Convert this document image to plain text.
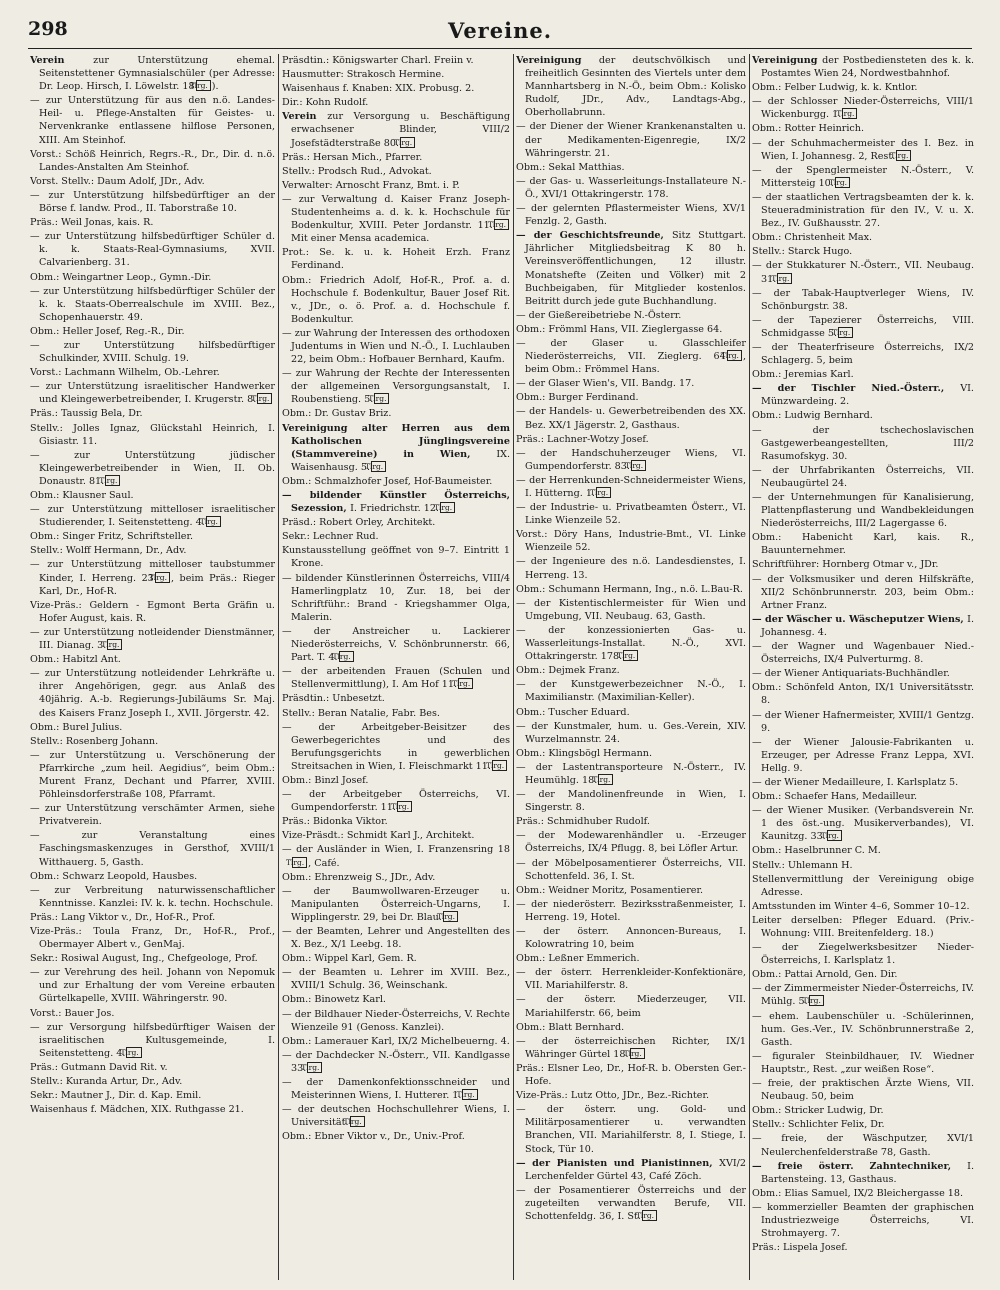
298	Vereine.
Verein zur Unterstützung ehemal. Seitenstettener Gymnasialschüler (per Adresse: Dr. Leop. Hirsch, I. Löwelstr. 18Tlrg. ).
— zur Unterstützung für aus den n.ö. Landes-Heil- u. Pflege-Anstalten für Geistes- u. Nervenkranke entlassene hilflose Personen, XIII. Am Steinhof.
Vorst.: Schöß Heinrich, Regrs.-R., Dr., Dir. d. n.ö. Landes-Anstalten Am Steinhof.
Vorst. Stellv.: Daum Adolf, JDr., Adv.
— zur Unterstützung hilfsbedürftiger an der Börse f. landw. Prod., II. Taborstraße 10.
Präs.: Weil Jonas, kais. R.
— zur Unterstützung hilfsbedürftiger Schüler d. k. k. Staats-Real-Gymnasiums, XVII. Calvarienberg. 31.
Obm.: Weingartner Leop., Gymn.-Dir.
— zur Unterstützung hilfsbedürftiger Schüler der k. k. Staats-Oberrealschule im XVIII. Bez., Schopenhauerstr. 49.
Obm.: Heller Josef, Reg.-R., Dir.
— zur Unterstützung hilfsbedürftiger Schulkinder, XVIII. Schulg. 19.
Vorst.: Lachmann Wilhelm, Ob.-Lehrer.
— zur Unterstützung israelitischer Handwerker und Kleingewerbetreibender, I. Krugerstr. 8.Tlrg.
Präs.: Taussig Bela, Dr.
Stellv.: Jolles Ignaz, Glückstahl Heinrich, I. Gisiastr. 11.
— zur Unterstützung jüdischer Kleingewerbetreibender in Wien, II. Ob. Donaustr. 81.Tlrg.
Obm.: Klausner Saul.
— zur Unterstützung mittelloser israelitischer Studierender, I. Seitenstetteng. 4.Tlrg.
Obm.: Singer Fritz, Schriftsteller.
Stellv.: Wolff Hermann, Dr., Adv.
— zur Unterstützung mittelloser taubstummer Kinder, I. Herreng. 23Tlrg. , beim Präs.: Rieger Karl, Dr., Hof-R.
Vize-Präs.: Geldern - Egmont Berta Gräfin u. Hofer August, kais. R.
— zur Unterstützung notleidender Dienstmänner, III. Dianag. 3.Tlrg.
Obm.: Habitzl Ant.
— zur Unterstützung notleidender Lehrkräfte u. ihrer Angehörigen, gegr. aus Anlaß des 40jährig. A.-b. Regierungs-Jubiläums Sr. Maj. des Kaisers Franz Joseph I., XVII. Jörgerstr. 42.
Obm.: Burel Julius.
Stellv.: Rosenberg Johann.
— zur Unterstützung u. Verschönerung der Pfarrkirche „zum heil. Aegidius“, beim Obm.: Murent Franz, Dechant und Pfarrer, XVIII. Pöhleinsdorferstraße 108, Pfarramt.
— zur Unterstützung verschämter Armen, siehe Privatverein.
— zur Veranstaltung eines Faschingsmaskenzuges in Gersthof, XVIII/1 Witthauerg. 5, Gasth.
Obm.: Schwarz Leopold, Hausbes.
— zur Verbreitung naturwissenschaftlicher Kenntnisse. Kanzlei: IV. k. k. techn. Hochschule.
Präs.: Lang Viktor v., Dr., Hof-R., Prof.
Vize-Präs.: Toula Franz, Dr., Hof-R., Prof., Obermayer Albert v., GenMaj.
Sekr.: Rosiwal August, Ing., Chefgeologe, Prof.
— zur Verehrung des heil. Johann von Nepomuk und zur Erhaltung der vom Vereine erbauten Gürtelkapelle, XVIII. Währingerstr. 90.
Vorst.: Bauer Jos.
— zur Versorgung hilfsbedürftiger Waisen der israelitischen Kultusgemeinde, I. Seitenstetteng. 4.Tlrg.
Präs.: Gutmann David Rit. v.
Stellv.: Kuranda Artur, Dr., Adv.
Sekr.: Mautner J., Dir. d. Kap. Emil.
Waisenhaus f. Mädchen, XIX. Ruthgasse 21.
Präsdtin.: Königswarter Charl. Freiin v.
Hausmutter: Strakosch Hermine.
Waisenhaus f. Knaben: XIX. Probusg. 2.
Dir.: Kohn Rudolf.
Verein zur Versorgung u. Beschäftigung erwachsener Blinder, VIII/2 Josefstädterstraße 80.Tlrg.
Präs.: Hersan Mich., Pfarrer.
Stellv.: Prodsch Rud., Advokat.
Verwalter: Arnoscht Franz, Bmt. i. P.
— zur Verwaltung d. Kaiser Franz Joseph-Studentenheims a. d. k. k. Hochschule für Bodenkultur, XVIII. Peter Jordanstr. 11.Tlrg. Mit einer Mensa academica.
Prot.: Se. k. u. k. Hoheit Erzh. Franz Ferdinand.
Obm.: Friedrich Adolf, Hof-R., Prof. a. d. Hochschule f. Bodenkultur, Bauer Josef Rit. v., JDr., o. ö. Prof. a. d. Hochschule f. Bodenkultur.
— zur Wahrung der Interessen des orthodoxen Judentums in Wien und N.-Ö., I. Luchlauben 22, beim Obm.: Hofbauer Bernhard, Kaufm.
— zur Wahrung der Rechte der Interessenten der allgemeinen Versorgungsanstalt, I. Roubenstieng. 5.Tlrg.
Obm.: Dr. Gustav Briz.
Vereinigung alter Herren aus dem Katholischen Jünglingsvereine (Stammvereine) in Wien, IX. Waisenhausg. 5.Tlrg.
Obm.: Schmalzhofer Josef, Hof-Baumeister.
— bildender Künstler Österreichs, Sezession, I. Friedrichstr. 12.Tlrg.
Präsd.: Robert Orley, Architekt.
Sekr.: Lechner Rud.
Kunstausstellung geöffnet von 9–7. Eintritt 1 Krone.
— bildender Künstlerinnen Österreichs, VIII/4 Hamerlingplatz 10, Zur. 18, bei der Schriftführ.: Brand - Kriegshammer Olga, Malerin.
— der Anstreicher u. Lackierer Niederösterreichs, V. Schönbrunnerstr. 66, Part. T. 4.Tlrg.
— der arbeitenden Frauen (Schulen und Stellenvermittlung), I. Am Hof 11.Tlrg.
Präsdtin.: Unbesetzt.
Stellv.: Beran Natalie, Fabr. Bes.
— der Arbeitgeber-Beisitzer des Gewerbegerichtes und des Berufungsgerichts in gewerblichen Streitsachen in Wien, I. Fleischmarkt 11.Tlrg.
Obm.: Binzl Josef.
— der Arbeitgeber Österreichs, VI. Gumpendorferstr. 11.Tlrg.
Präs.: Bidonka Viktor.
Vize-Präsdt.: Schmidt Karl J., Architekt.
— der Ausländer in Wien, I. Franzensring 18Tlrg. , Café.
Obm.: Ehrenzweig S., JDr., Adv.
— der Baumwollwaren-Erzeuger u. Manipulanten Österreich-Ungarns, I. Wipplingerstr. 29, bei Dr. Blau.Tlrg.
— der Beamten, Lehrer und Angestellten des X. Bez., X/1 Leebg. 18.
Obm.: Wippel Karl, Gem. R.
— der Beamten u. Lehrer im XVIII. Bez., XVIII/1 Schulg. 36, Weinschank.
Obm.: Binowetz Karl.
— der Bildhauer Nieder-Österreichs, V. Rechte Wienzeile 91 (Genoss. Kanzlei).
Obm.: Lamerauer Karl, IX/2 Michelbeuerng. 4.
— der Dachdecker N.-Österr., VII. Kandlgasse 33.Tlrg.
— der Damenkonfektionsschneider und Meisterinnen Wiens, I. Hutterer. 1.Tlrg.
— der deutschen Hochschullehrer Wiens, I. Universität.Tlrg.
Obm.: Ebner Viktor v., Dr., Univ.-Prof.
Vereinigung der deutschvölkisch und freiheitlich Gesinnten des Viertels unter dem Mannhartsberg in N.-Ö., beim Obm.: Kolisko Rudolf, JDr., Adv., Landtags-Abg., Oberhollabrunn.
— der Diener der Wiener Krankenanstalten u. der Medikamenten-Eigenregie, IX/2 Währingerstr. 21.
Obm.: Sekal Matthias.
— der Gas- u. Wasserleitungs-Installateure N.-Ö., XVI/1 Ottakringerstr. 178.
— der gelernten Pflastermeister Wiens, XV/1 Fenzlg. 2, Gasth.
— der Geschichtsfreunde, Sitz Stuttgart. Jährlicher Mitgliedsbeitrag K 80 h. Vereinsveröffentlichungen, 12 illustr. Monatshefte (Zeiten und Völker) mit 2 Buchbeigaben, für Mitglieder kostenlos. Beitritt durch jede gute Buchhandlung.
— der Gießereibetriebe N.-Österr.
Obm.: Frömml Hans, VII. Zieglergasse 64.
— der Glaser u. Glasschleifer Niederösterreichs, VII. Zieglerg. 64Tlrg. , beim Obm.: Frömmel Hans.
— der Glaser Wien's, VII. Bandg. 17.
Obm.: Burger Ferdinand.
— der Handels- u. Gewerbetreibenden des XX. Bez. XX/1 Jägerstr. 2, Gasthaus.
Präs.: Lachner-Wotzy Josef.
— der Handschuherzeuger Wiens, VI. Gumpendorferstr. 83.Tlrg.
— der Herrenkunden-Schneidermeister Wiens, I. Hütterng. 1.Tlrg.
— der Industrie- u. Privatbeamten Österr., VI. Linke Wienzeile 52.
Vorst.: Döry Hans, Industrie-Bmt., VI. Linke Wienzeile 52.
— der Ingenieure des n.ö. Landesdienstes, I. Herreng. 13.
Obm.: Schumann Hermann, Ing., n.ö. L.Bau-R.
— der Kistentischlermeister für Wien und Umgebung, VII. Neubaug. 63, Gasth.
— der konzessionierten Gas- u. Wasserleitungs-Installat. N.-Ö., XVI. Ottakringerstr. 178.Tlrg.
Obm.: Dejmek Franz.
— der Kunstgewerbezeichner N.-Ö., I. Maximilianstr. (Maximilian-Keller).
Obm.: Tuscher Eduard.
— der Kunstmaler, hum. u. Ges.-Verein, XIV. Wurzelmannstr. 24.
Obm.: Klingsbögl Hermann.
— der Lastentransporteure N.-Österr., IV. Heumühlg. 18.Tlrg.
— der Mandolinenfreunde in Wien, I. Singerstr. 8.
Präs.: Schmidhuber Rudolf.
— der Modewarenhändler u. -Erzeuger Österreichs, IX/4 Pflugg. 8, bei Löfler Artur.
— der Möbelposamentierer Österreichs, VII. Schottenfeld. 36, I. St.
Obm.: Weidner Moritz, Posamentierer.
— der niederösterr. Bezirksstraßenmeister, I. Herreng. 19, Hotel.
— der österr. Annoncen-Bureaus, I. Kolowratring 10, beim
Obm.: Leßner Emmerich.
— der österr. Herrenkleider-Konfektionäre, VII. Mariahilferstr. 8.
— der österr. Miederzeuger, VII. Mariahilferstr. 66, beim
Obm.: Blatt Bernhard.
— der österreichischen Richter, IX/1 Währinger Gürtel 18.Tlrg.
Präs.: Elsner Leo, Dr., Hof-R. b. Obersten Ger.-Hofe.
Vize-Präs.: Lutz Otto, JDr., Bez.-Richter.
— der österr. ung. Gold- und Militärposamentierer u. verwandten Branchen, VII. Mariahilferstr. 8, I. Stiege, I. Stock, Tür 10.
— der Pianisten und Pianistinnen, XVI/2 Lerchenfelder Gürtel 43, Café Zöch.
— der Posamentierer Österreichs und der zugeteilten verwandten Berufe, VII. Schottenfeldg. 36, I. St.Tlrg.
Vereinigung der Postbediensteten des k. k. Postamtes Wien 24, Nordwestbahnhof.
Obm.: Felber Ludwig, k. k. Kntlor.
— der Schlosser Nieder-Österreichs, VIII/1 Wickenburgg. 1.Tlrg.
Obm.: Rotter Heinrich.
— der Schuhmachermeister des I. Bez. in Wien, I. Johannesg. 2, Rest.Tlrg.
— der Spenglermeister N.-Österr., V. Mittersteig 10.Tlrg.
— der staatlichen Vertragsbeamten der k. k. Steueradministration für den IV., V. u. X. Bez., IV. Gußhausstr. 27.
Obm.: Christenheit Max.
Stellv.: Starck Hugo.
— der Stukkaturer N.-Österr., VII. Neubaug. 31.Tlrg.
— der Tabak-Hauptverleger Wiens, IV. Schönburgstr. 38.
— der Tapezierer Österreichs, VIII. Schmidgasse 5.Tlrg.
— der Theaterfriseure Österreichs, IX/2 Schlagerg. 5, beim
Obm.: Jeremias Karl.
— der Tischler Nied.-Österr., VI. Münzwardeing. 2.
Obm.: Ludwig Bernhard.
— der tschechoslavischen Gastgewerbeangestellten, III/2 Rasumofskyg. 30.
— der Uhrfabrikanten Österreichs, VII. Neubaugürtel 24.
— der Unternehmungen für Kanalisierung, Plattenpflasterung und Wandbekleidungen Niederösterreichs, III/2 Lagergasse 6.
Obm.: Habenicht Karl, kais. R., Bauunternehmer.
Schriftführer: Hornberg Otmar v., JDr.
— der Volksmusiker und deren Hilfskräfte, XII/2 Schönbrunnerstr. 203, beim Obm.: Artner Franz.
— der Wäscher u. Wäscheputzer Wiens, I. Johannesg. 4.
— der Wagner und Wagenbauer Nied.-Österreichs, IX/4 Pulverturmg. 8.
— der Wiener Antiquariats-Buchhändler.
Obm.: Schönfeld Anton, IX/1 Universitätsstr. 8.
— der Wiener Hafnermeister, XVIII/1 Gentzg. 9.
— der Wiener Jalousie-Fabrikanten u. Erzeuger, per Adresse Franz Leppa, XVI. Hellg. 9.
— der Wiener Medailleure, I. Karlsplatz 5.
Obm.: Schaefer Hans, Medailleur.
— der Wiener Musiker. (Verbandsverein Nr. 1 des öst.-ung. Musikerverbandes), VI. Kaunitzg. 33.Tlrg.
Obm.: Haselbrunner C. M.
Stellv.: Uhlemann H.
Stellenvermittlung der Vereinigung obige Adresse.
Amtsstunden im Winter 4–6, Sommer 10–12.
Leiter derselben: Pfleger Eduard. (Priv.-Wohnung: VIII. Breitenfelderg. 18.)
— der Ziegelwerksbesitzer Nieder-Österreichs, I. Karlsplatz 1.
Obm.: Pattai Arnold, Gen. Dir.
— der Zimmermeister Nieder-Österreichs, IV. Mühlg. 5.Tlrg.
— ehem. Laubenschüler u. -Schülerinnen, hum. Ges.-Ver., IV. Schönbrunnerstraße 2, Gasth.
— figuraler Steinbildhauer, IV. Wiedner Hauptstr., Rest. „zur weißen Rose“.
— freie, der praktischen Ärzte Wiens, VII. Neubaug. 50, beim
Obm.: Stricker Ludwig, Dr.
Stellv.: Schlichter Felix, Dr.
— freie, der Wäschputzer, XVI/1 Neulerchenfelderstraße 78, Gasth.
— freie österr. Zahntechniker, I. Bartensteing. 13, Gasthaus.
Obm.: Elias Samuel, IX/2 Bleichergasse 18.
— kommerzieller Beamten der graphischen Industriezweige Österreichs, VI. Strohmayerg. 7.
Präs.: Lispela Josef.
